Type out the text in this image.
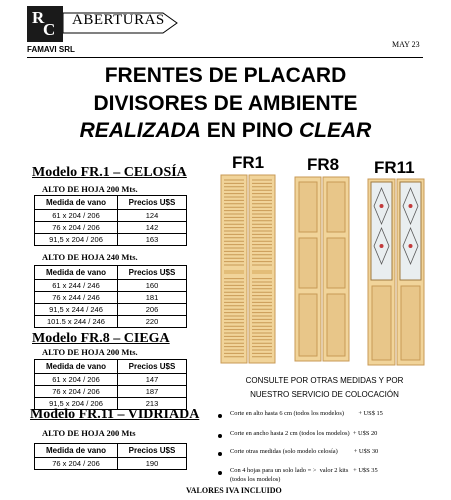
R
C ABERTURAS
FAMAVI SRL
MAY 23
FRENTES DE PLACARD
DIVISORES DE AMBIENTE
REALIZADA EN PINO CLEAR
Modelo FR.1 – CELOSÍA
ALTO DE HOJA 200 Mts.
Medida de vano	Precios U$S
61 x 204 / 206	124
76 x 204 / 206	142
91,5 x 204 / 206	163
ALTO DE HOJA 240 Mts.
Medida de vano	Precios U$S
61 x 244 / 246	160
76 x 244 / 246	181
91,5 x 244 / 246	206
101.5 x 244 / 246	220
Modelo FR.8 – CIEGA
ALTO DE HOJA 200 Mts.
Medida de vano	Precios U$S
61 x 204 / 206	147
76 x 204 / 206	187
91,5 x 204 / 206	213
Modelo FR.11 – VIDRIADA
ALTO DE HOJA 200 Mts
Medida de vano	Precios U$S
76 x 204 / 206	190
FR1	FR8 FR11
CONSULTE POR OTRAS MEDIDAS Y POR
NUESTRO SERVICIO DE COLOCACIÓN
Corte en alto hasta 6 cm (todos los modelos)         + US$ 15
Corte en ancho hasta 2 cm (todos los modelos)  + U$S 20
Corte otras medidas (solo modelo celosía)          + U$S 30
Con 4 hojas para un solo lado = >  valor 2 kits   + U$S 35
(todos los modelos)
VALORES IVA INCLUIDO
